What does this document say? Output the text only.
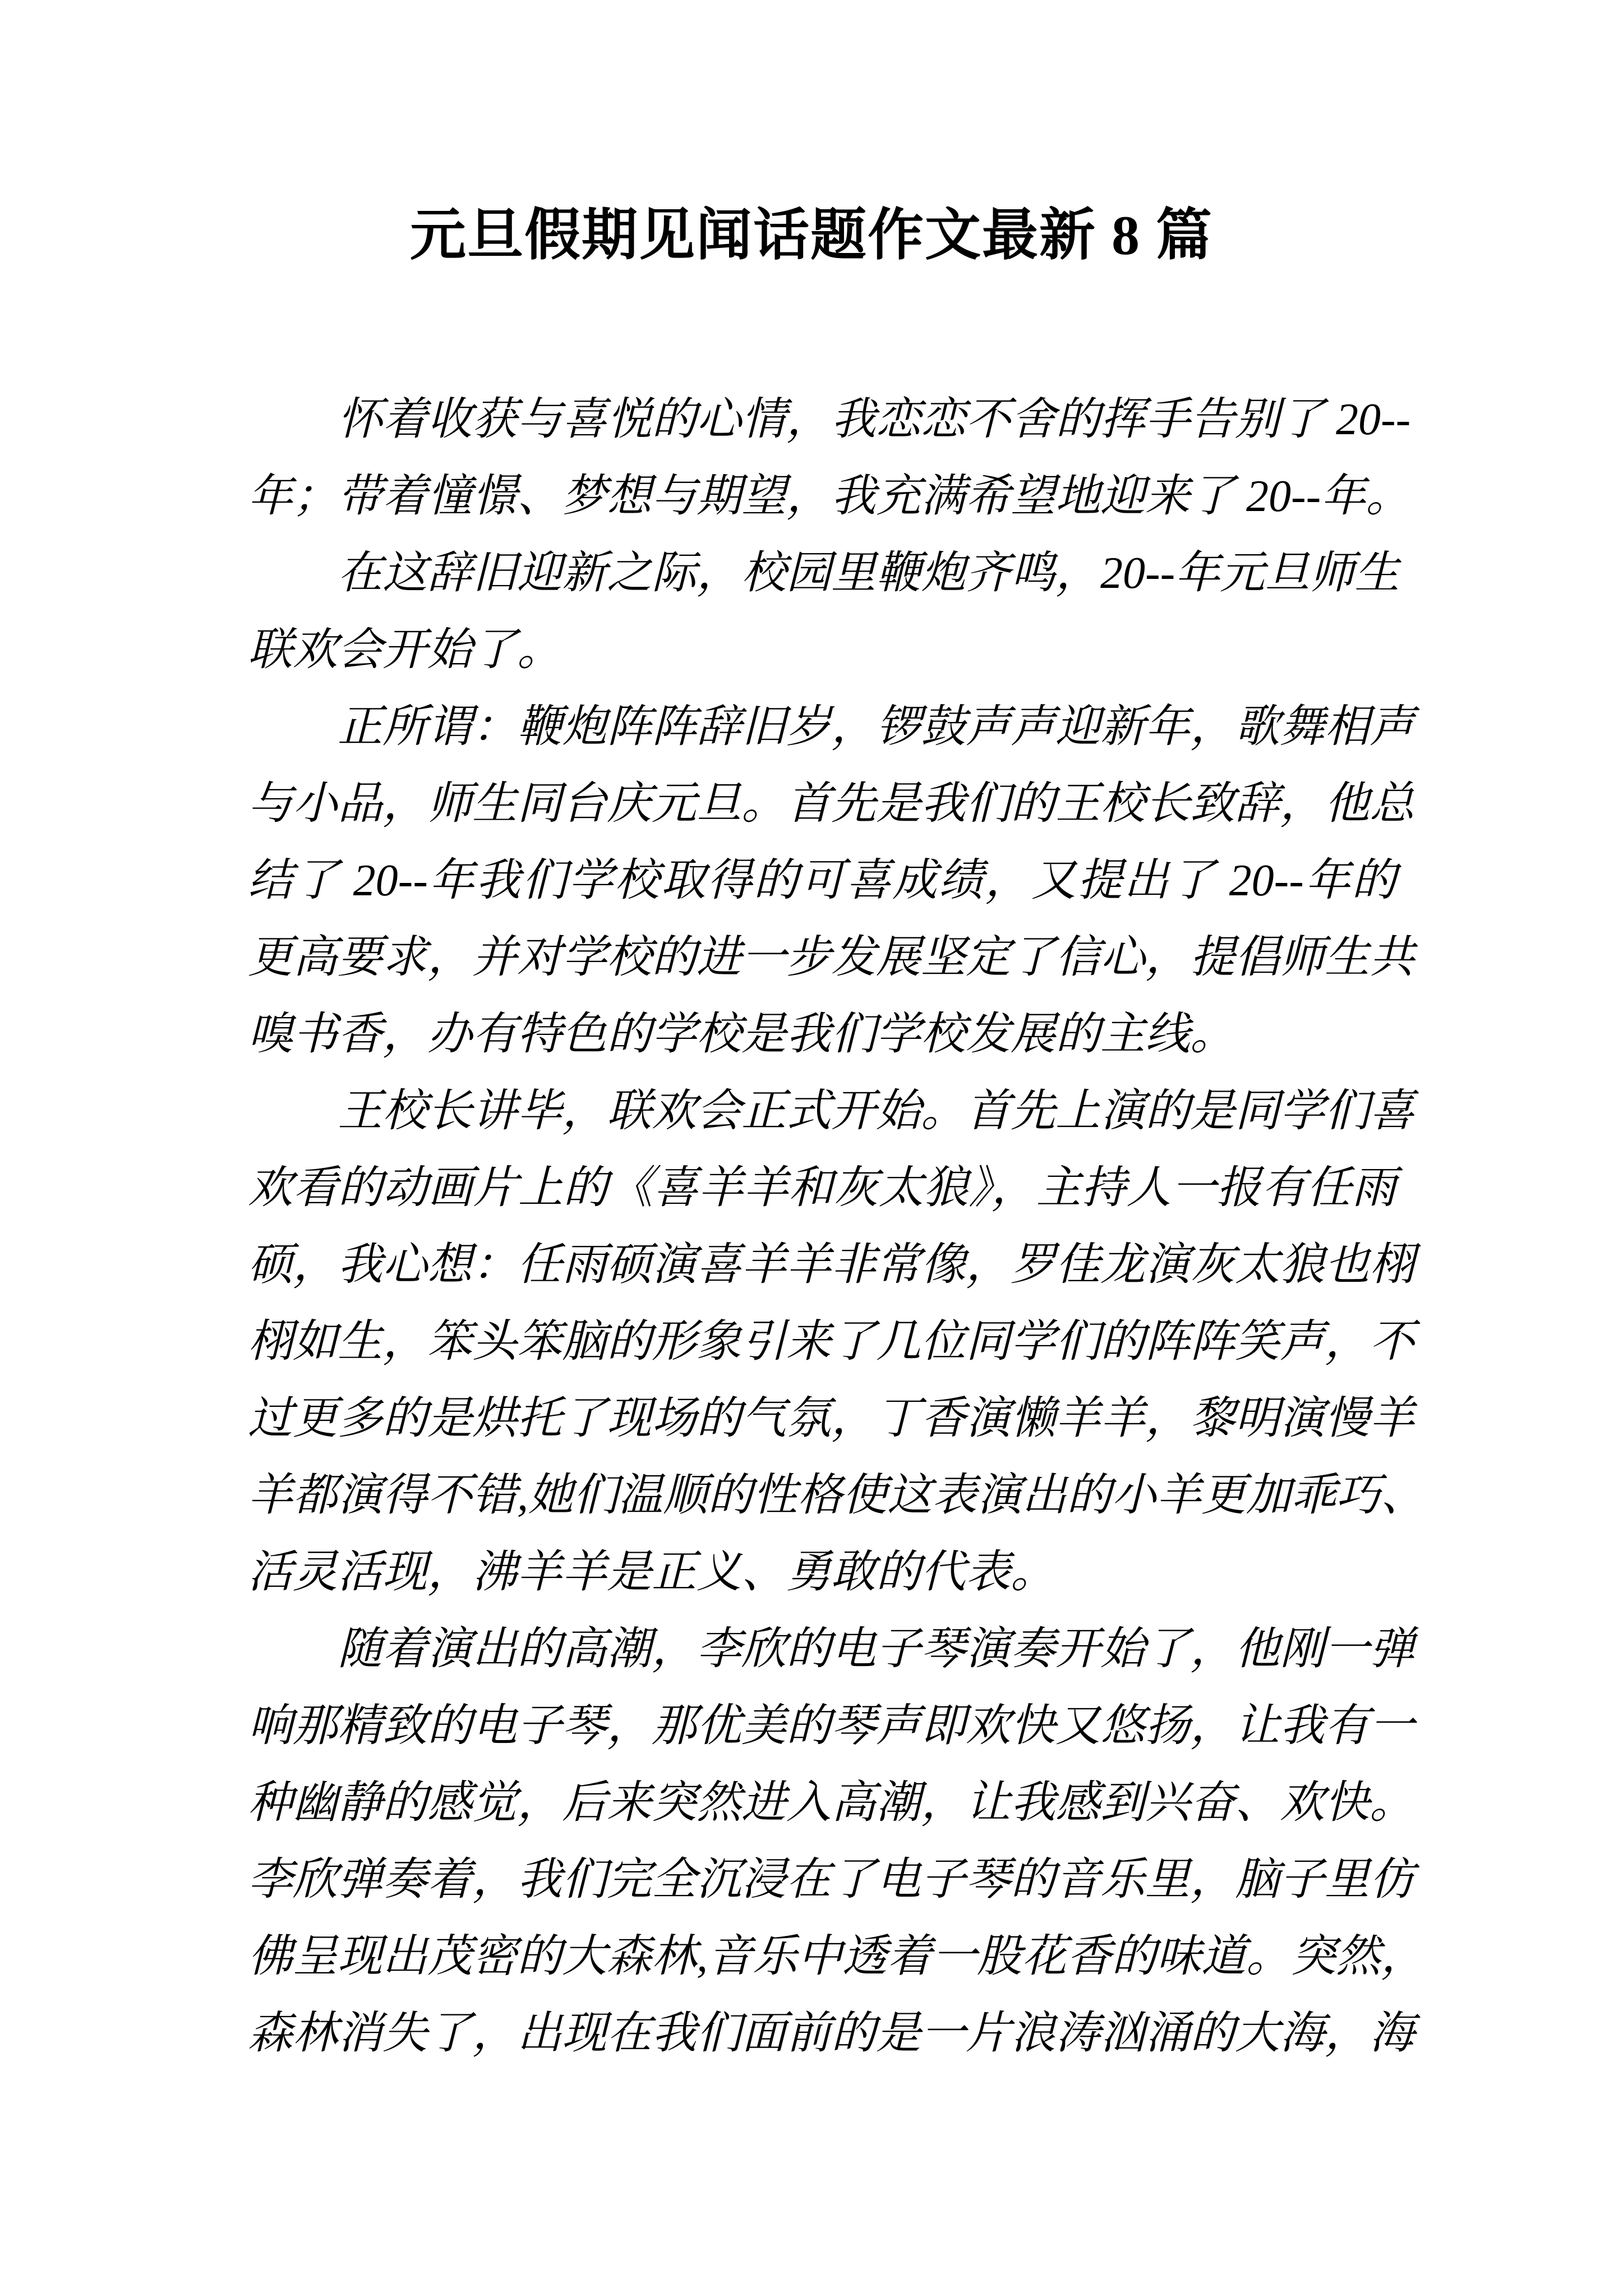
元旦假期见闻话题作文最新 8 篇
怀着收获与喜悦的心情，我恋恋不舍的挥手告别了 20--
年；带着憧憬、梦想与期望，我充满希望地迎来了 20--年。
在这辞旧迎新之际，校园里鞭炮齐鸣，20--年元旦师生
联欢会开始了。
正所谓：鞭炮阵阵辞旧岁，锣鼓声声迎新年，歌舞相声
与小品，师生同台庆元旦。首先是我们的王校长致辞，他总
结了 20--年我们学校取得的可喜成绩，又提出了 20--年的
更高要求，并对学校的进一步发展坚定了信心，提倡师生共
嗅书香，办有特色的学校是我们学校发展的主线。
王校长讲毕，联欢会正式开始。首先上演的是同学们喜
欢看的动画片上的《喜羊羊和灰太狼》，主持人一报有任雨
硕，我心想：任雨硕演喜羊羊非常像，罗佳龙演灰太狼也栩
栩如生，笨头笨脑的形象引来了几位同学们的阵阵笑声，不
过更多的是烘托了现场的气氛，丁香演懒羊羊，黎明演慢羊
羊都演得不错,她们温顺的性格使这表演出的小羊更加乖巧、
活灵活现，沸羊羊是正义、勇敢的代表。
随着演出的高潮，李欣的电子琴演奏开始了，他刚一弹
响那精致的电子琴，那优美的琴声即欢快又悠扬，让我有一
种幽静的感觉，后来突然进入高潮，让我感到兴奋、欢快。
李欣弹奏着，我们完全沉浸在了电子琴的音乐里，脑子里仿
佛呈现出茂密的大森林,音乐中透着一股花香的味道。突然，
森林消失了，出现在我们面前的是一片浪涛汹涌的大海，海
